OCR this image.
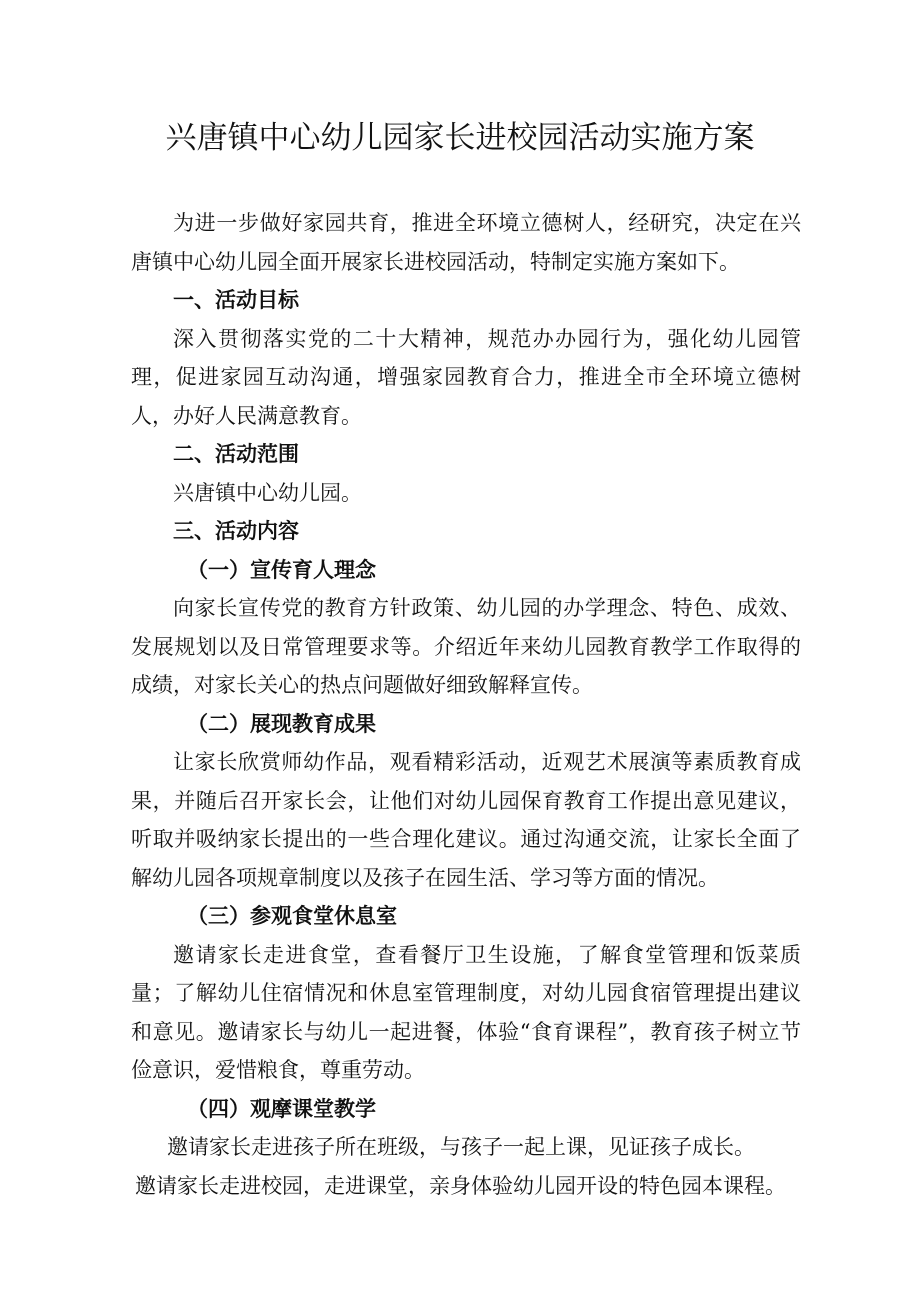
兴唐镇中心幼儿园家长进校园活动实施方案

为进一步做好家园共育，推进全环境立德树人，经研究，决定在兴唐镇中心幼儿园全面开展家长进校园活动，特制定实施方案如下。

一、活动目标

深入贯彻落实党的二十大精神，规范办办园行为，强化幼儿园管理，促进家园互动沟通，增强家园教育合力，推进全市全环境立德树人，办好人民满意教育。

二、活动范围

兴唐镇中心幼儿园。

三、活动内容

（一）宣传育人理念

向家长宣传党的教育方针政策、幼儿园的办学理念、特色、成效、发展规划以及日常管理要求等。介绍近年来幼儿园教育教学工作取得的成绩，对家长关心的热点问题做好细致解释宣传。

（二）展现教育成果

让家长欣赏师幼作品，观看精彩活动，近观艺术展演等素质教育成果，并随后召开家长会，让他们对幼儿园保育教育工作提出意见建议，听取并吸纳家长提出的一些合理化建议。通过沟通交流，让家长全面了解幼儿园各项规章制度以及孩子在园生活、学习等方面的情况。

（三）参观食堂休息室

邀请家长走进食堂，查看餐厅卫生设施，了解食堂管理和饭菜质量；了解幼儿住宿情况和休息室管理制度，对幼儿园食宿管理提出建议和意见。邀请家长与幼儿一起进餐，体验“食育课程”，教育孩子树立节俭意识，爱惜粮食，尊重劳动。

（四）观摩课堂教学

邀请家长走进孩子所在班级，与孩子一起上课，见证孩子成长。

邀请家长走进校园，走进课堂，亲身体验幼儿园开设的特色园本课程。
